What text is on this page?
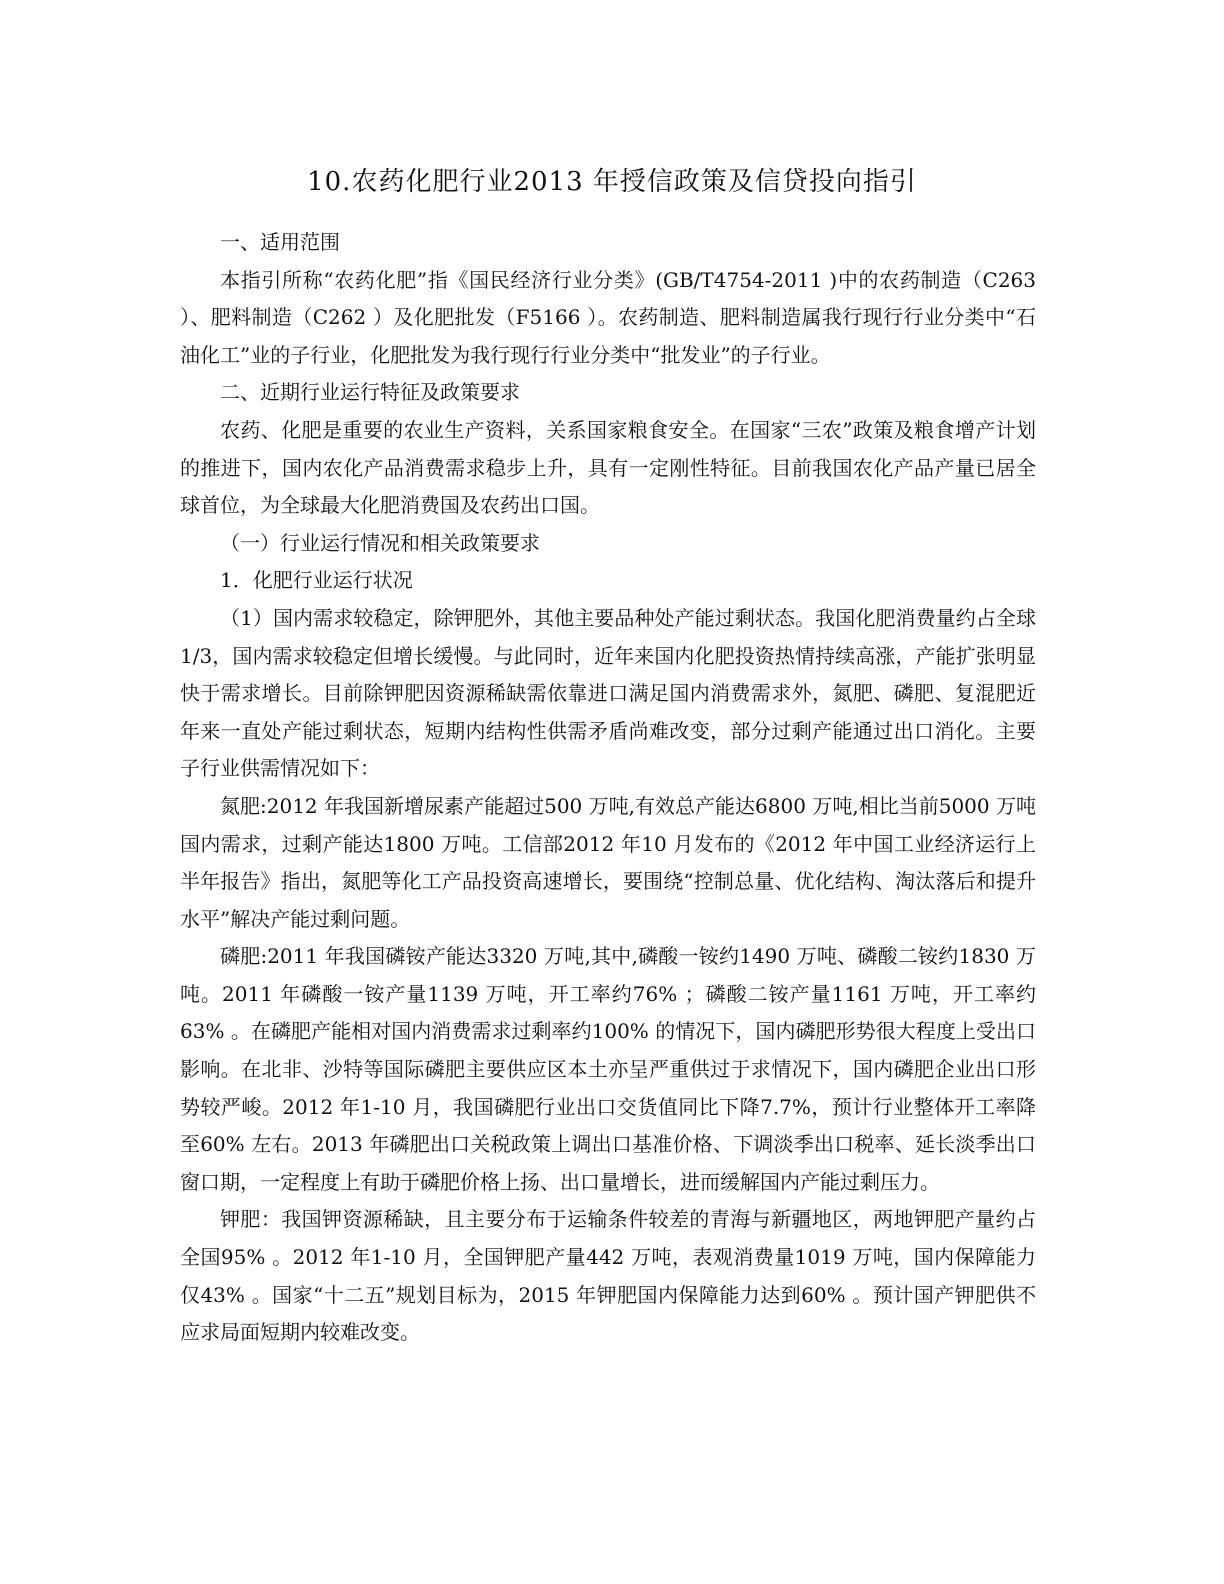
10.农药化肥行业2013 年授信政策及信贷投向指引

一、适用范围

本指引所称“农药化肥”指《国民经济行业分类》(GB/T4754-2011 )中的农药制造（C263 ）、肥料制造（C262 ）及化肥批发（F5166 ）。农药制造、肥料制造属我行现行行业分类中“石油化工”业的子行业，化肥批发为我行现行行业分类中“批发业”的子行业。

二、近期行业运行特征及政策要求

农药、化肥是重要的农业生产资料，关系国家粮食安全。在国家“三农”政策及粮食增产计划的推进下，国内农化产品消费需求稳步上升，具有一定刚性特征。目前我国农化产品产量已居全球首位，为全球最大化肥消费国及农药出口国。

（一）行业运行情况和相关政策要求

1．化肥行业运行状况

（1）国内需求较稳定，除钾肥外，其他主要品种处产能过剩状态。我国化肥消费量约占全球1/3，国内需求较稳定但增长缓慢。与此同时，近年来国内化肥投资热情持续高涨，产能扩张明显快于需求增长。目前除钾肥因资源稀缺需依靠进口满足国内消费需求外，氮肥、磷肥、复混肥近年来一直处产能过剩状态，短期内结构性供需矛盾尚难改变，部分过剩产能通过出口消化。主要子行业供需情况如下：

氮肥:2012 年我国新增尿素产能超过500 万吨,有效总产能达6800 万吨,相比当前5000 万吨国内需求，过剩产能达1800 万吨。工信部2012 年10 月发布的《2012 年中国工业经济运行上半年报告》指出，氮肥等化工产品投资高速增长，要围绕“控制总量、优化结构、淘汰落后和提升水平”解决产能过剩问题。

磷肥:2011 年我国磷铵产能达3320 万吨,其中,磷酸一铵约1490 万吨、磷酸二铵约1830 万吨。2011 年磷酸一铵产量1139 万吨，开工率约76% ；磷酸二铵产量1161 万吨，开工率约63% 。在磷肥产能相对国内消费需求过剩率约100% 的情况下，国内磷肥形势很大程度上受出口影响。在北非、沙特等国际磷肥主要供应区本土亦呈严重供过于求情况下，国内磷肥企业出口形势较严峻。2012 年1-10 月，我国磷肥行业出口交货值同比下降7.7%，预计行业整体开工率降至60% 左右。2013 年磷肥出口关税政策上调出口基准价格、下调淡季出口税率、延长淡季出口窗口期，一定程度上有助于磷肥价格上扬、出口量增长，进而缓解国内产能过剩压力。

钾肥：我国钾资源稀缺，且主要分布于运输条件较差的青海与新疆地区，两地钾肥产量约占全国95% 。2012 年1-10 月，全国钾肥产量442 万吨，表观消费量1019 万吨，国内保障能力仅43% 。国家“十二五”规划目标为，2015 年钾肥国内保障能力达到60% 。预计国产钾肥供不应求局面短期内较难改变。
